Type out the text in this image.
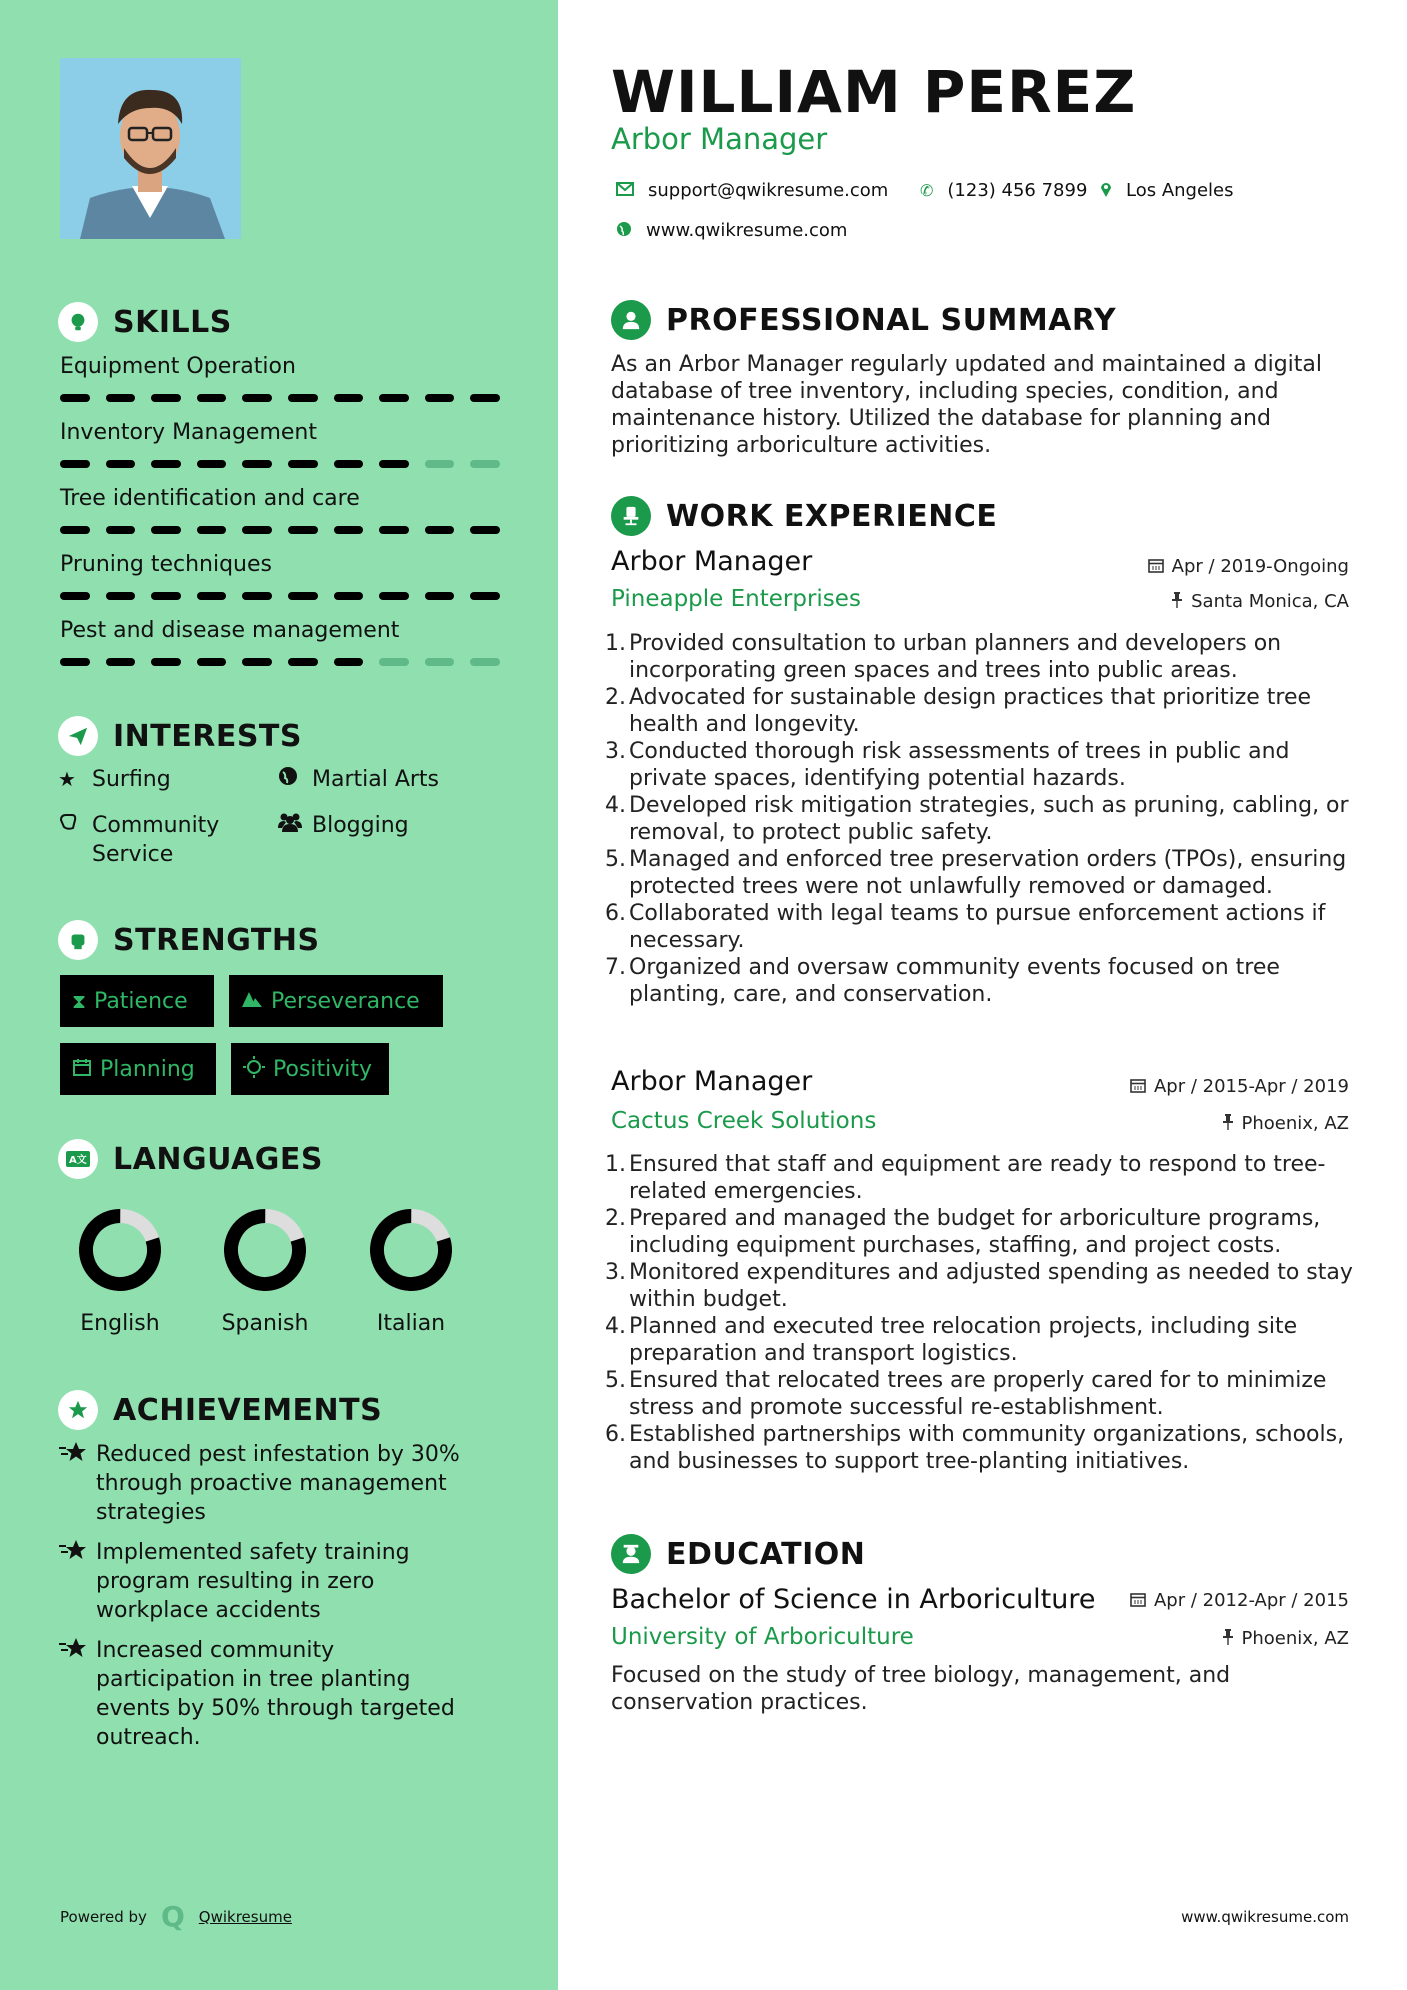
SKILLS
Equipment Operation
Inventory Management
Tree identification and care
Pruning techniques
Pest and disease management
INTERESTS
★ Surfing	Martial Arts
Community Service
Blogging
STRENGTHS
⧗ Patience	Perseverance
Planning	Positivity
A文 LANGUAGES
English	Spanish	Italian
ACHIEVEMENTS
Reduced pest infestation by 30% through proactive management strategies
Implemented safety training program resulting in zero workplace accidents
Increased community participation in tree planting events by 50% through targeted outreach.
Powered by Q Qwikresume
WILLIAM PEREZ
Arbor Manager
support@qwikresume.com ✆ (123) 456 7899 Los Angeles
www.qwikresume.com
PROFESSIONAL SUMMARY
As an Arbor Manager regularly updated and maintained a digital database of tree inventory, including species, condition, and maintenance history. Utilized the database for planning and prioritizing arboriculture activities.
WORK EXPERIENCE
Arbor Manager	Apr
/ 2019-Ongoing
Pineapple Enterprises	Santa Monica, CA
Provided consultation to urban planners and developers on incorporating green spaces and trees into public areas.
Advocated for sustainable design practices that prioritize tree health and longevity.
Conducted thorough risk assessments of trees in public and private spaces, identifying potential hazards.
Developed risk mitigation strategies, such as pruning, cabling, or removal, to protect public safety.
Managed and enforced tree preservation orders (TPOs), ensuring protected trees were not unlawfully removed or damaged.
Collaborated with legal teams to pursue enforcement actions if necessary.
Organized and oversaw community events focused on tree planting, care, and conservation.
Arbor Manager	Apr
/ 2015-Apr / 2019
Cactus Creek Solutions	Phoenix, AZ
Ensured that staff and equipment are ready to respond to tree-related emergencies.
Prepared and managed the budget for arboriculture programs, including equipment purchases, staffing, and project costs.
Monitored expenditures and adjusted spending as needed to stay within budget.
Planned and executed tree relocation projects, including site preparation and transport logistics.
Ensured that relocated trees are properly cared for to minimize stress and promote successful re-establishment.
Established partnerships with community organizations, schools, and businesses to support tree-planting initiatives.
EDUCATION
Bachelor of Science in Arboriculture	Apr
/ 2012-Apr / 2015
University of Arboriculture	Phoenix, AZ
Focused on the study of tree biology, management, and conservation practices.
www.qwikresume.com
